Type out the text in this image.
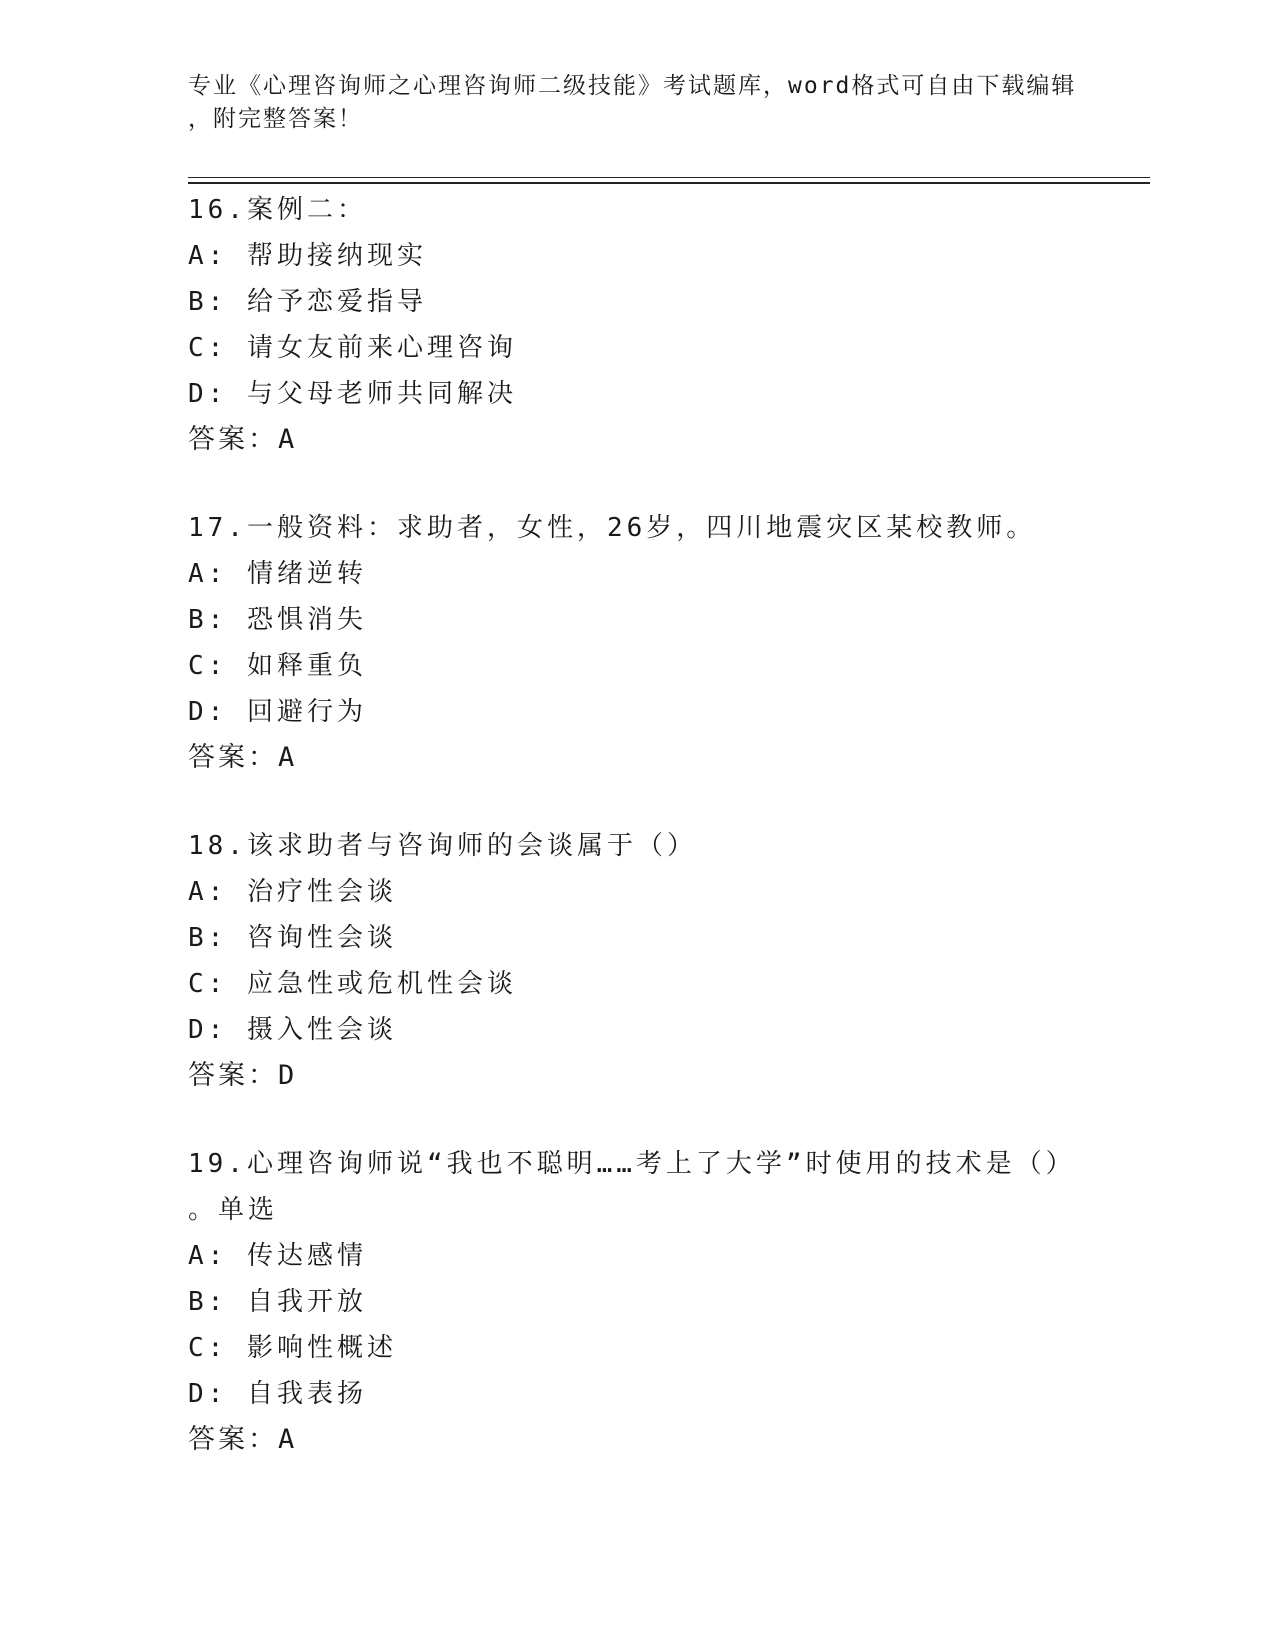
专业《心理咨询师之心理咨询师二级技能》考试题库，word格式可自由下载编辑
，附完整答案！
16.案例二：
A: 帮助接纳现实
B: 给予恋爱指导
C: 请女友前来心理咨询
D: 与父母老师共同解决
答案：A
17.一般资料：求助者，女性，26岁，四川地震灾区某校教师。
A: 情绪逆转
B: 恐惧消失
C: 如释重负
D: 回避行为
答案：A
18.该求助者与咨询师的会谈属于（）
A: 治疗性会谈
B: 咨询性会谈
C: 应急性或危机性会谈
D: 摄入性会谈
答案：D
19.心理咨询师说“我也不聪明……考上了大学”时使用的技术是（）
。单选
A: 传达感情
B: 自我开放
C: 影响性概述
D: 自我表扬
答案：A
